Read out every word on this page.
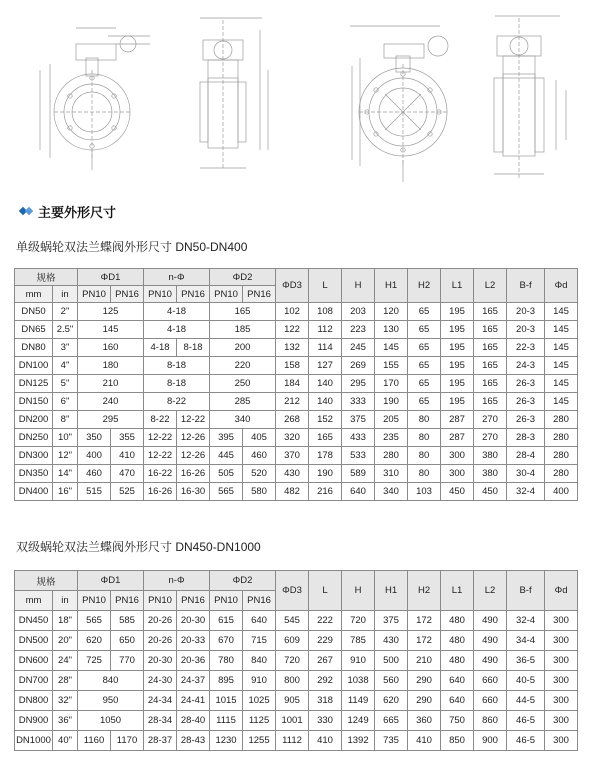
主要外形尺寸
单级蜗轮双法兰蝶阀外形尺寸 DN50-DN400
规格		ΦD1		n-Φ		ΦD2		ΦD3	L	H	H1	H2	L1	L2	B-f	Φd
mm	in	PN10	PN16	PN10	PN16	PN10	PN16									
DN50	2"	125		4-18		165		102	108	203	120	65	195	165	20-3	145
DN65	2.5"	145		4-18		185		122	112	223	130	65	195	165	20-3	145
DN80	3"	160		4-18	8-18	200		132	114	245	145	65	195	165	22-3	145
DN100	4"	180		8-18		220		158	127	269	155	65	195	165	24-3	145
DN125	5"	210		8-18		250		184	140	295	170	65	195	165	26-3	145
DN150	6"	240		8-22		285		212	140	333	190	65	195	165	26-3	145
DN200	8"	295		8-22	12-22	340		268	152	375	205	80	287	270	26-3	280
DN250	10"	350	355	12-22	12-26	395	405	320	165	433	235	80	287	270	28-3	280
DN300	12"	400	410	12-22	12-26	445	460	370	178	533	280	80	300	380	28-4	280
DN350	14"	460	470	16-22	16-26	505	520	430	190	589	310	80	300	380	30-4	280
DN400	16"	515	525	16-26	16-30	565	580	482	216	640	340	103	450	450	32-4	400
双级蜗轮双法兰蝶阀外形尺寸 DN450-DN1000
规格		ΦD1		n-Φ		ΦD2		ΦD3	L	H	H1	H2	L1	L2	B-f	Φd
mm	in	PN10	PN16	PN10	PN16	PN10	PN16									
DN450	18"	565	585	20-26	20-30	615	640	545	222	720	375	172	480	490	32-4	300
DN500	20"	620	650	20-26	20-33	670	715	609	229	785	430	172	480	490	34-4	300
DN600	24"	725	770	20-30	20-36	780	840	720	267	910	500	210	480	490	36-5	300
DN700	28"	840		24-30	24-37	895	910	800	292	1038	560	290	640	660	40-5	300
DN800	32"	950		24-34	24-41	1015	1025	905	318	1149	620	290	640	660	44-5	300
DN900	36"	1050		28-34	28-40	1115	1125	1001	330	1249	665	360	750	860	46-5	300
DN1000	40"	1160	1170	28-37	28-43	1230	1255	1112	410	1392	735	410	850	900	46-5	300
